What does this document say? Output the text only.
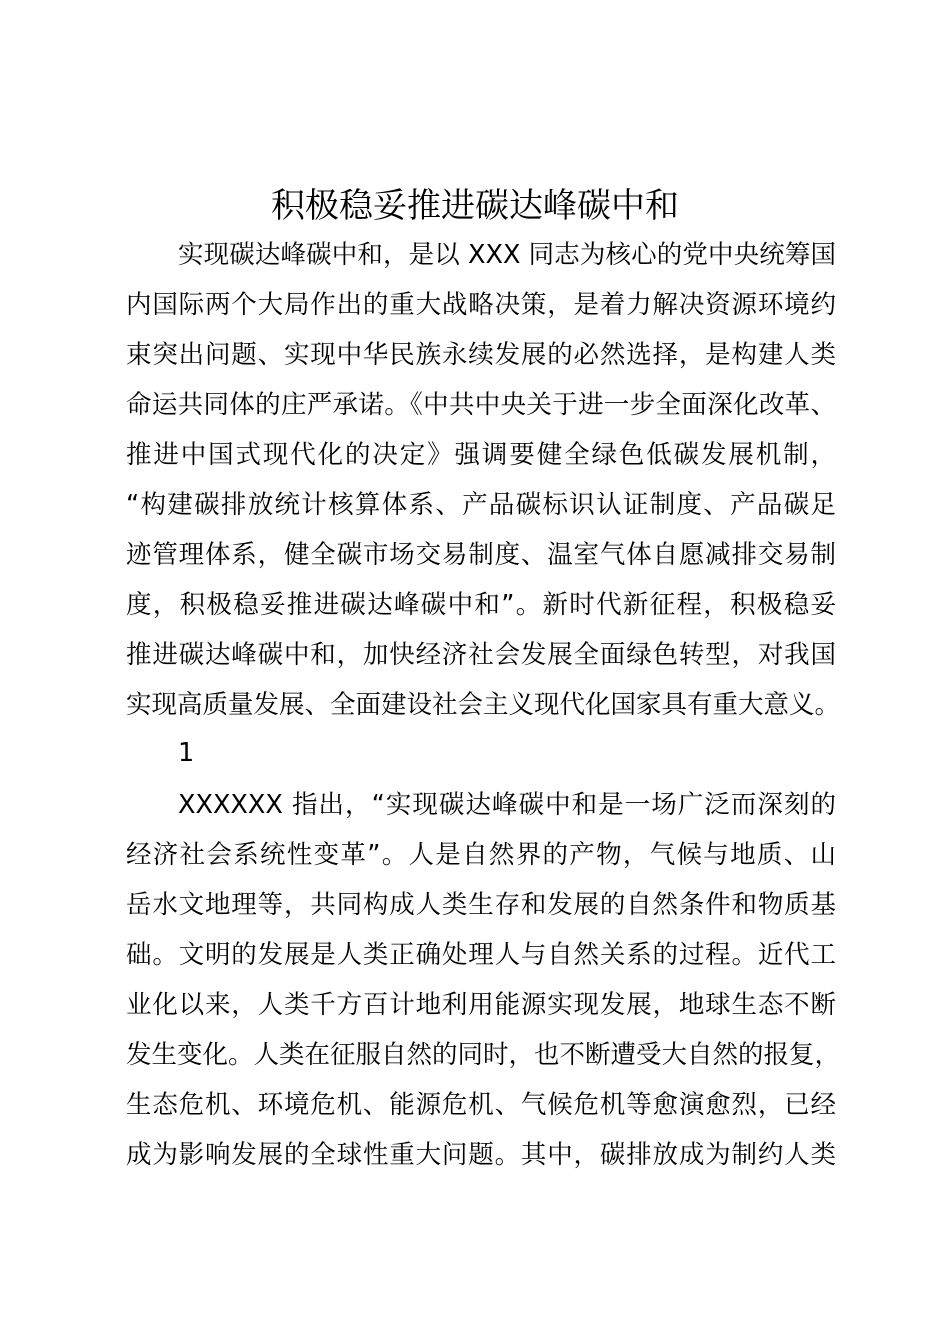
积极稳妥推进碳达峰碳中和

实现碳达峰碳中和，是以 XXX 同志为核心的党中央统筹国

内国际两个大局作出的重大战略决策，是着力解决资源环境约

束突出问题、实现中华民族永续发展的必然选择，是构建人类

命运共同体的庄严承诺。《中共中央关于进一步全面深化改革、

推进中国式现代化的决定》强调要健全绿色低碳发展机制，

“构建碳排放统计核算体系、产品碳标识认证制度、产品碳足

迹管理体系，健全碳市场交易制度、温室气体自愿减排交易制

度，积极稳妥推进碳达峰碳中和”。新时代新征程，积极稳妥

推进碳达峰碳中和，加快经济社会发展全面绿色转型，对我国

实现高质量发展、全面建设社会主义现代化国家具有重大意义。

1

XXXXXX 指出，“实现碳达峰碳中和是一场广泛而深刻的

经济社会系统性变革”。人是自然界的产物，气候与地质、山

岳水文地理等，共同构成人类生存和发展的自然条件和物质基

础。文明的发展是人类正确处理人与自然关系的过程。近代工

业化以来，人类千方百计地利用能源实现发展，地球生态不断

发生变化。人类在征服自然的同时，也不断遭受大自然的报复，

生态危机、环境危机、能源危机、气候危机等愈演愈烈，已经

成为影响发展的全球性重大问题。其中，碳排放成为制约人类
